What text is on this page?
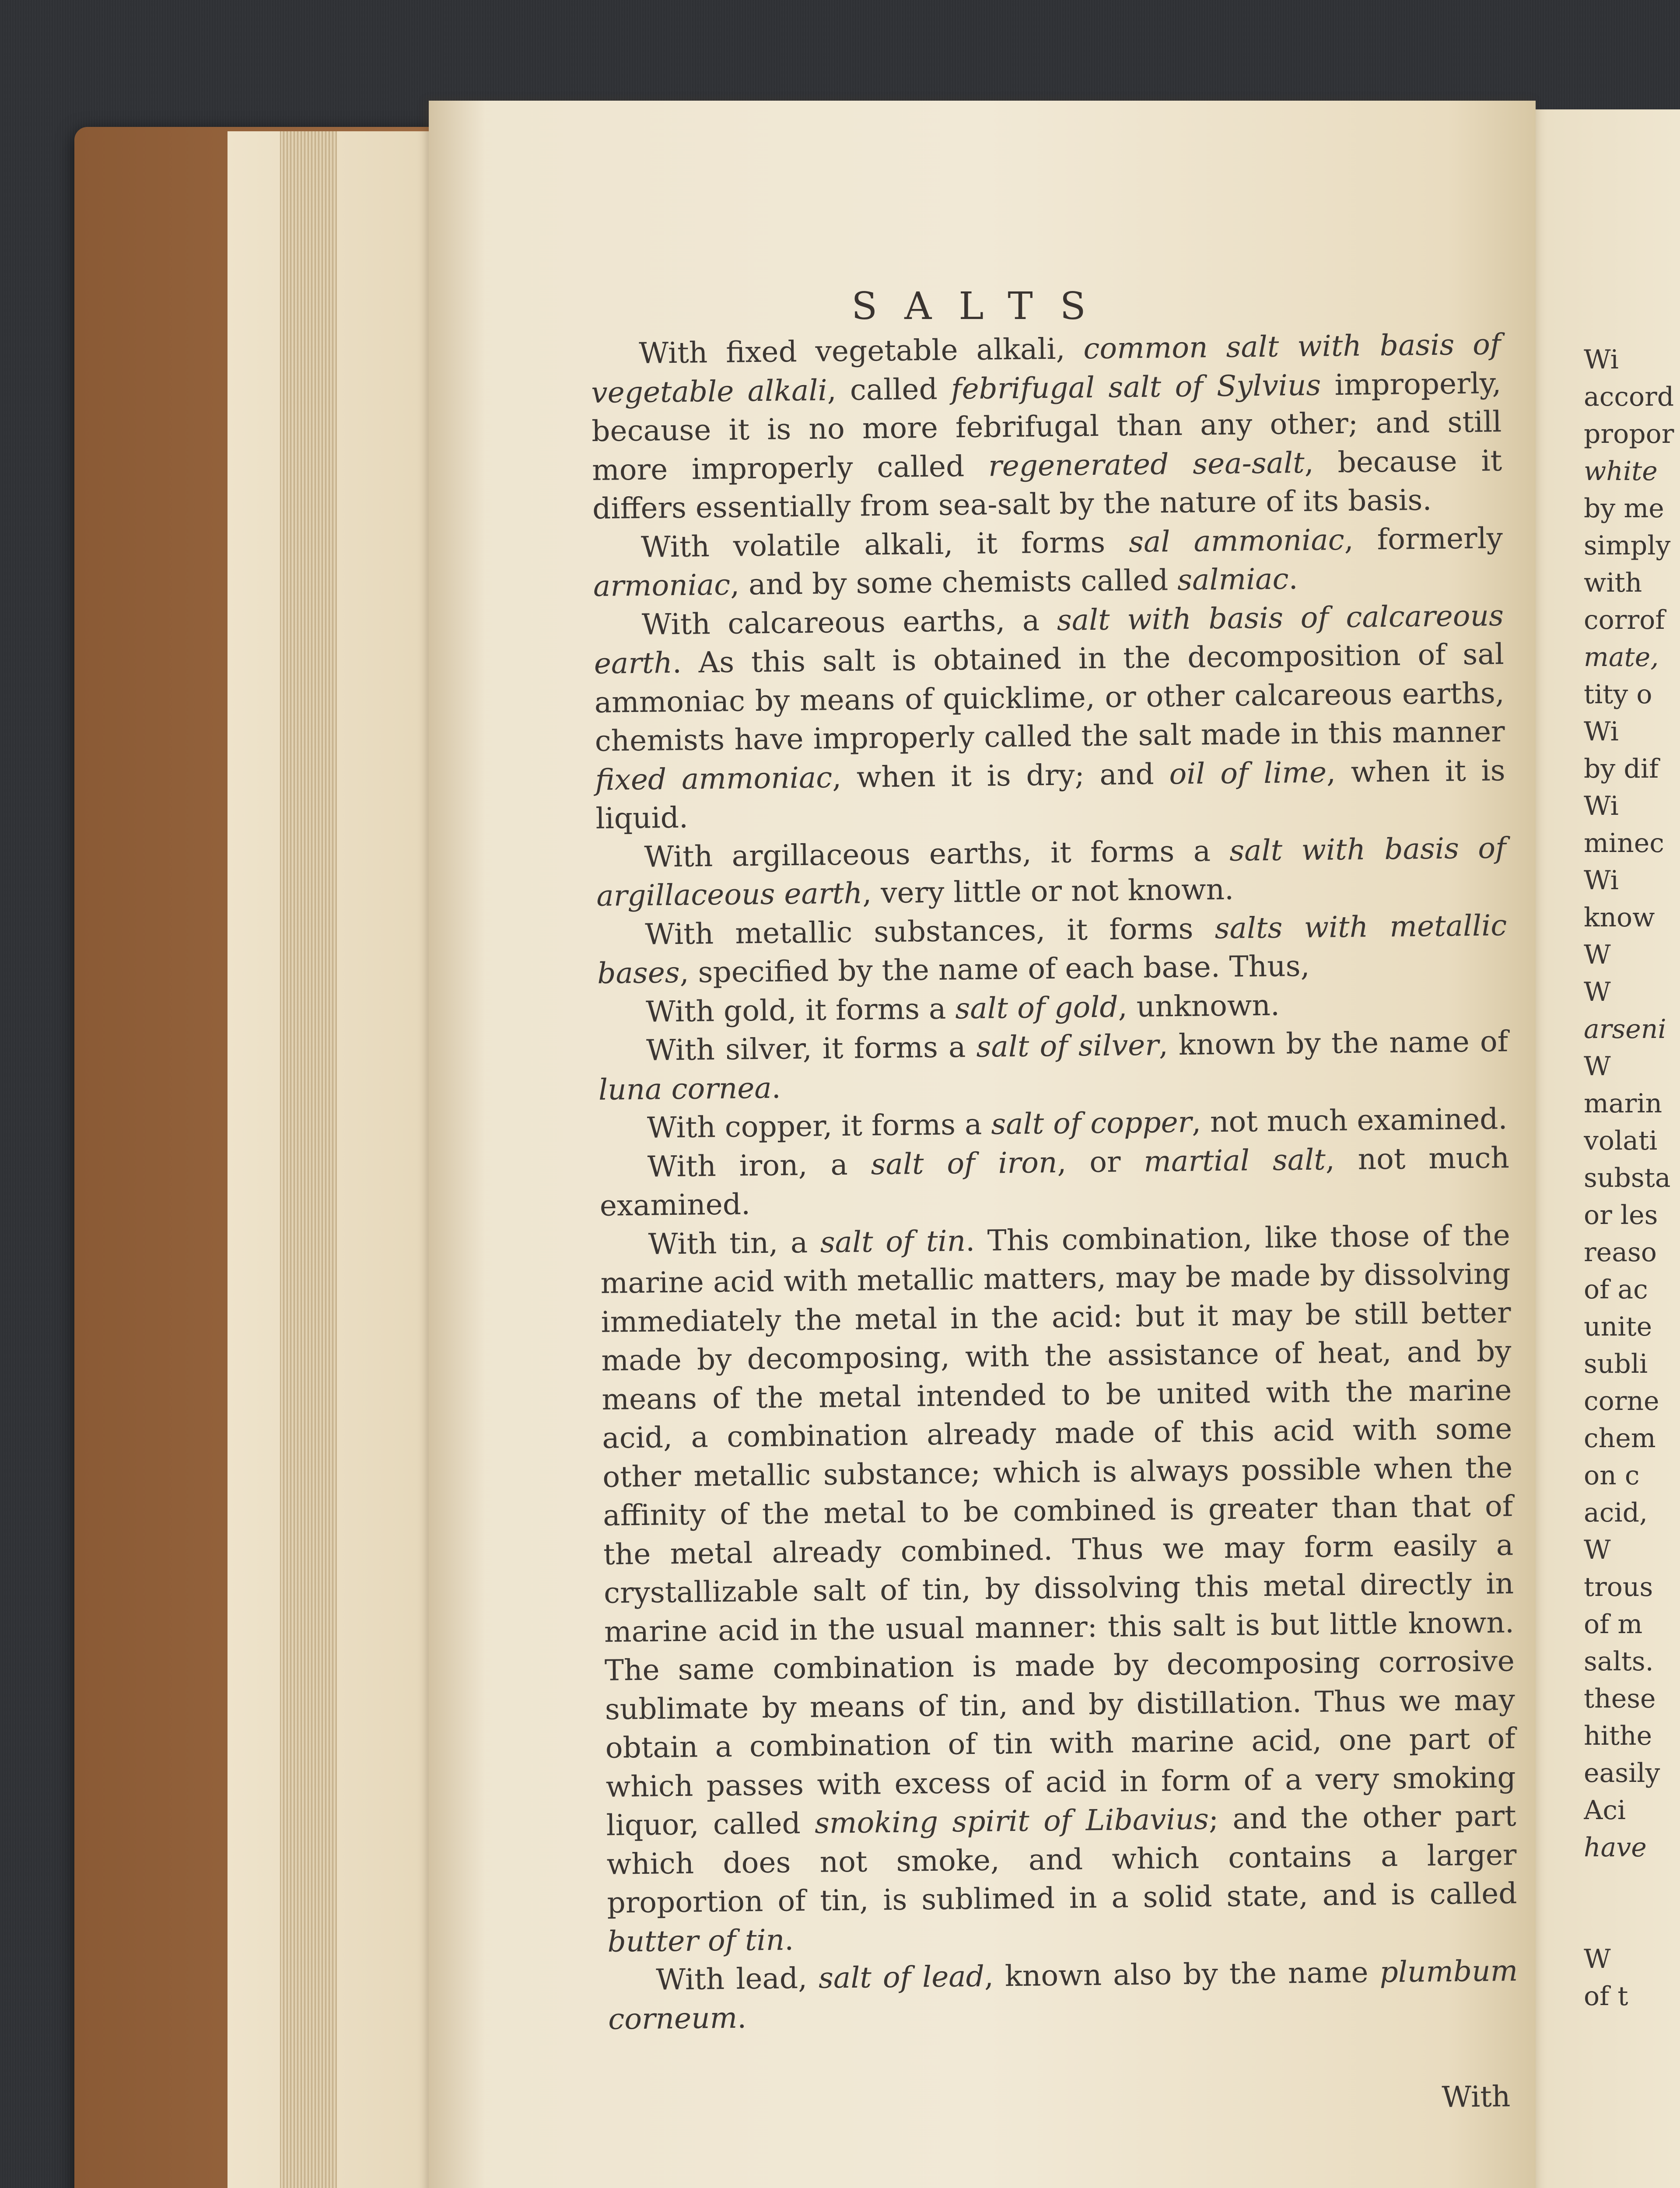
Wi
accord
propor
white
by me
simply
with
corrof
mate,
tity o
Wi
by dif
Wi
minec
Wi
know
W
W
arseni
W
marin
volati
substa
or les
reaso
of ac
unite
subli
corne
chem
on c
acid,
W
trous
of m
salts.
these
hithe
easily
Aci
have
W
of t
SALTS

With fixed vegetable alkali, common salt with basis of vegetable alkali, called febrifugal salt of Sylvius improperly, because it is no more febrifugal than any other; and still more improperly called regenerated sea-salt, because it differs essentially from sea-salt by the nature of its basis.

With volatile alkali, it forms sal ammoniac, formerly armoniac, and by some chemists called salmiac.

With calcareous earths, a salt with basis of calcareous earth. As this salt is obtained in the decomposition of sal ammoniac by means of quicklime, or other calcareous earths, chemists have improperly called the salt made in this manner fixed ammoniac, when it is dry; and oil of lime, when it is liquid.

With argillaceous earths, it forms a salt with basis of argillaceous earth, very little or not known.

With metallic substances, it forms salts with metallic bases, specified by the name of each base. Thus,

With gold, it forms a salt of gold, unknown.

With silver, it forms a salt of silver, known by the name of luna cornea.

With copper, it forms a salt of copper, not much examined.

With iron, a salt of iron, or martial salt, not much examined.

With tin, a salt of tin. This combination, like those of the marine acid with metallic matters, may be made by dissolving immediately the metal in the acid: but it may be still better made by decomposing, with the assistance of heat, and by means of the metal intended to be united with the marine acid, a combination already made of this acid with some other metallic substance; which is always possible when the affinity of the metal to be combined is greater than that of the metal already combined. Thus we may form easily a crystallizable salt of tin, by dissolving this metal directly in marine acid in the usual manner: this salt is but little known. The same combination is made by decomposing corrosive sublimate by means of tin, and by distillation. Thus we may obtain a combination of tin with marine acid, one part of which passes with excess of acid in form of a very smoking liquor, called smoking spirit of Libavius; and the other part which does not smoke, and which contains a larger proportion of tin, is sublimed in a solid state, and is called butter of tin.

With lead, salt of lead, known also by the name plumbum corneum.

With
